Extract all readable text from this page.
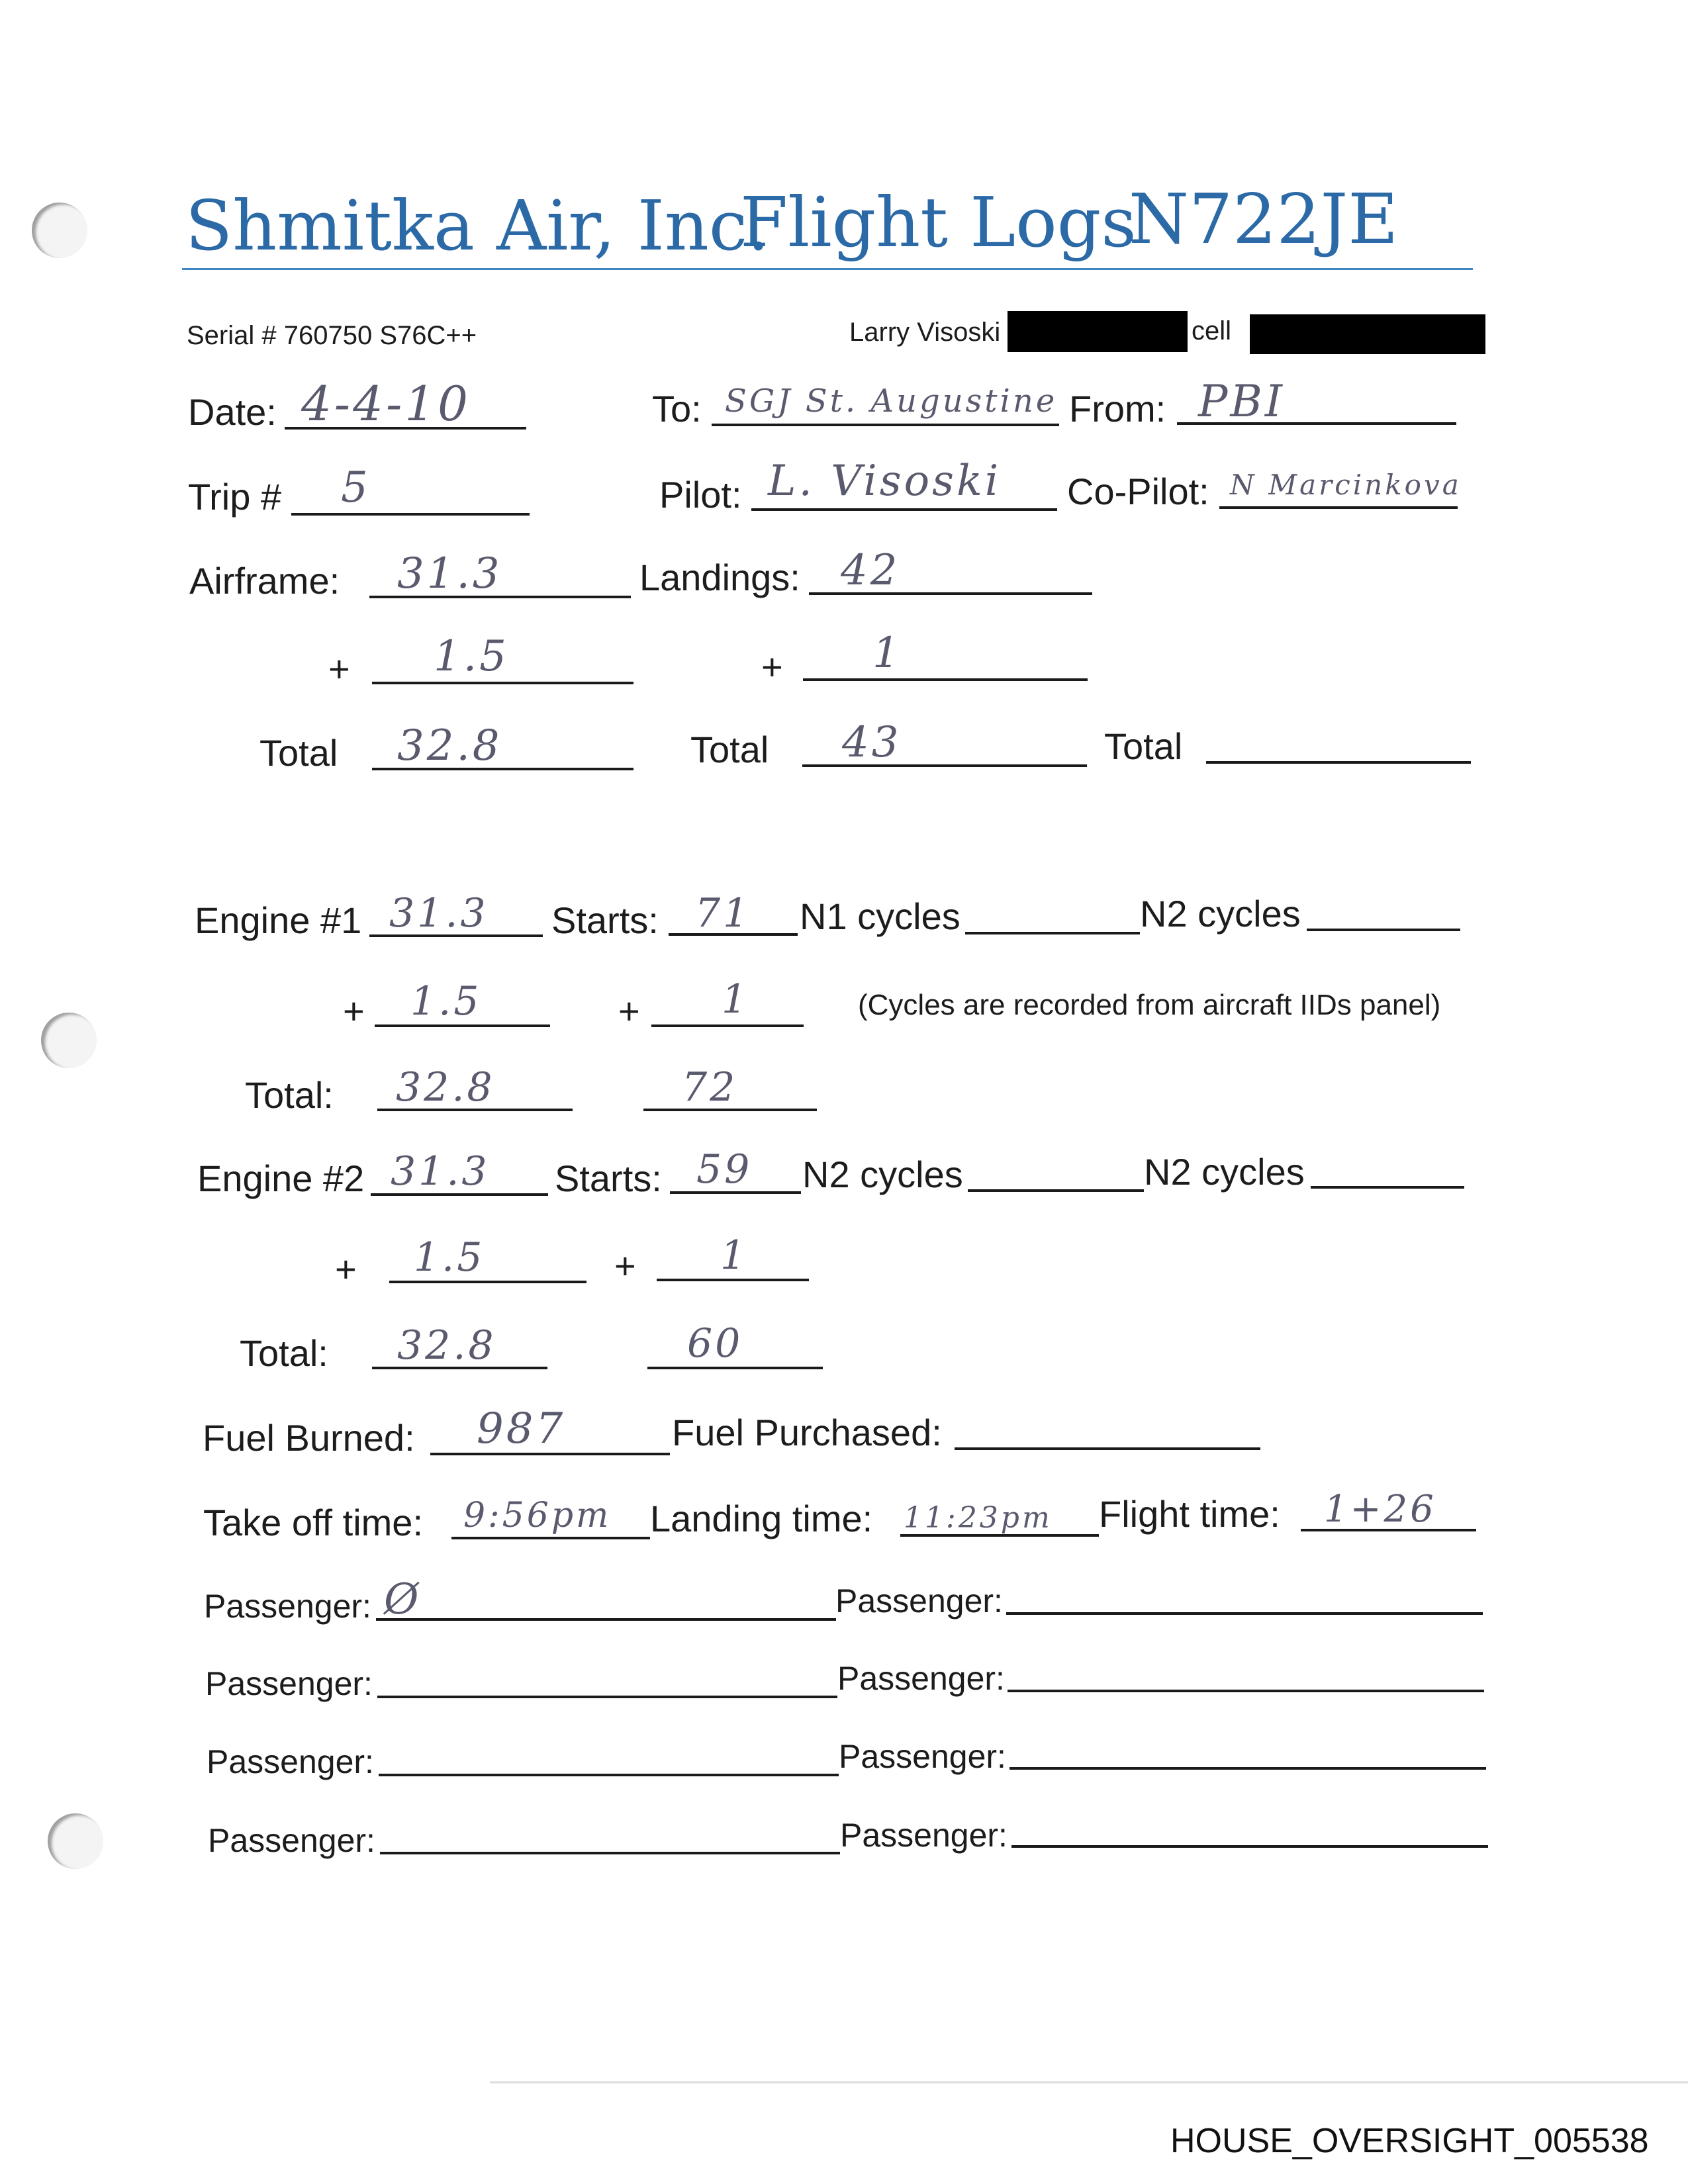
Shmitka Air, Inc.
Flight Logs
N722JE
Serial # 760750 S76C++	Larry Visoski	cell
Date: 4-4-10	To: SGJ St. Augustine From: PBI
Trip # 5	Pilot: L. Visoski Co-Pilot: N Marcinkova
Airframe: 31.3	Landings: 42
+ 1.5	+ 1
Total 32.8	Total 43	Total
Engine #1 31.3 Starts: 71 N1 cycles	N2 cycles
+ 1.5	+ 1	(Cycles are recorded from aircraft IIDs panel)
Total: 32.8	72
Engine #2 31.3 Starts: 59 N2 cycles	N2 cycles
+ 1.5	+ 1
Total: 32.8	60
Fuel Burned: 987	Fuel Purchased:
Take off time: 9:56pm Landing time: 11:23pm Flight time: 1+26
Passenger: Ø	Passenger:
Passenger:	Passenger:
Passenger:	Passenger:
Passenger:	Passenger:
HOUSE_OVERSIGHT_005538
